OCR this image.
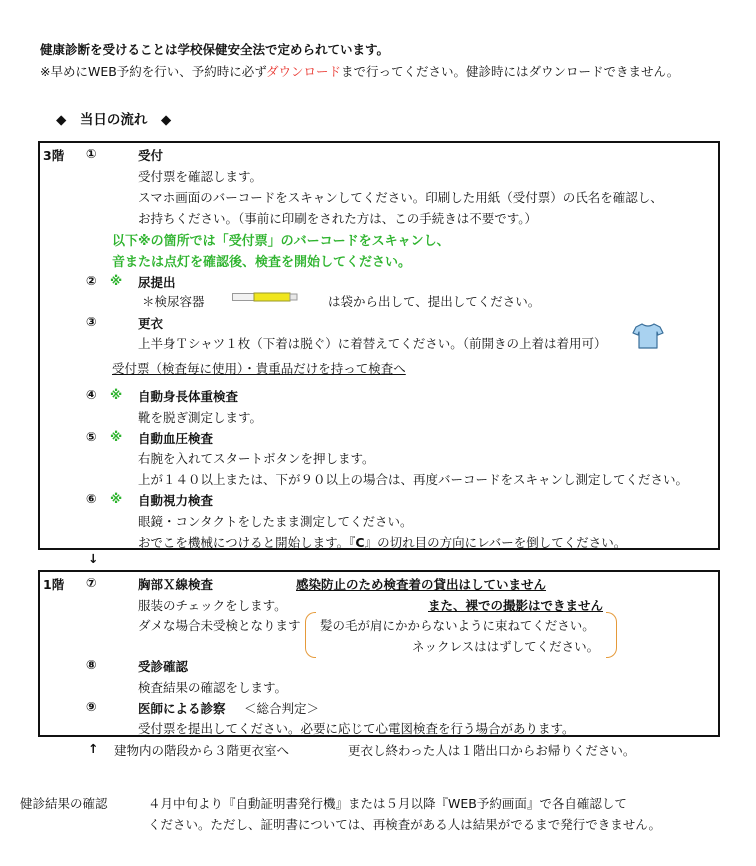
健康診断を受けることは学校保健安全法で定められています。
※早めにWEB予約を行い、予約時に必ずダウンロードまで行ってください。健診時にはダウンロードできません。
◆　当日の流れ　◆
3階 ①	受付
受付票を確認します。
スマホ画面のバーコードをスキャンしてください。印刷した用紙（受付票）の氏名を確認し、
お持ちください。（事前に印刷をされた方は、この手続きは不要です。）
以下※の箇所では「受付票」のバーコードをスキャンし、
音または点灯を確認後、検査を開始してください。
② ※ 尿提出
＊検尿容器	は袋から出して、提出してください。
③	更衣
上半身Ｔシャツ１枚（下着は脱ぐ）に着替えてください。（前開きの上着は着用可）
受付票（検査毎に使用）・貴重品だけを持って検査へ
④ ※ 自動身長体重検査
靴を脱ぎ測定します。
⑤ ※ 自動血圧検査
右腕を入れてスタートボタンを押します。
上が１４０以上または、下が９０以上の場合は、再度バーコードをスキャンし測定してください。
⑥ ※ 自動視力検査
眼鏡・コンタクトをしたまま測定してください。
おでこを機械につけると開始します。『C』の切れ目の方向にレバーを倒してください。
↓
1階 ⑦	胸部Ｘ線検査	感染防止のため検査着の貸出はしていません
服装のチェックをします。	また、裸での撮影はできません
ダメな場合未受検となります 髪の毛が肩にかからないように束ねてください。
ネックレスははずしてください。
⑧	受診確認
検査結果の確認をします。
⑨	医師による診察 ＜総合判定＞
受付票を提出してください。必要に応じて心電図検査を行う場合があります。
↑ 建物内の階段から３階更衣室へ	更衣し終わった人は１階出口からお帰りください。
健診結果の確認	４月中旬より『自動証明書発行機』または５月以降『WEB予約画面』で各自確認して
ください。ただし、証明書については、再検査がある人は結果がでるまで発行できません。
